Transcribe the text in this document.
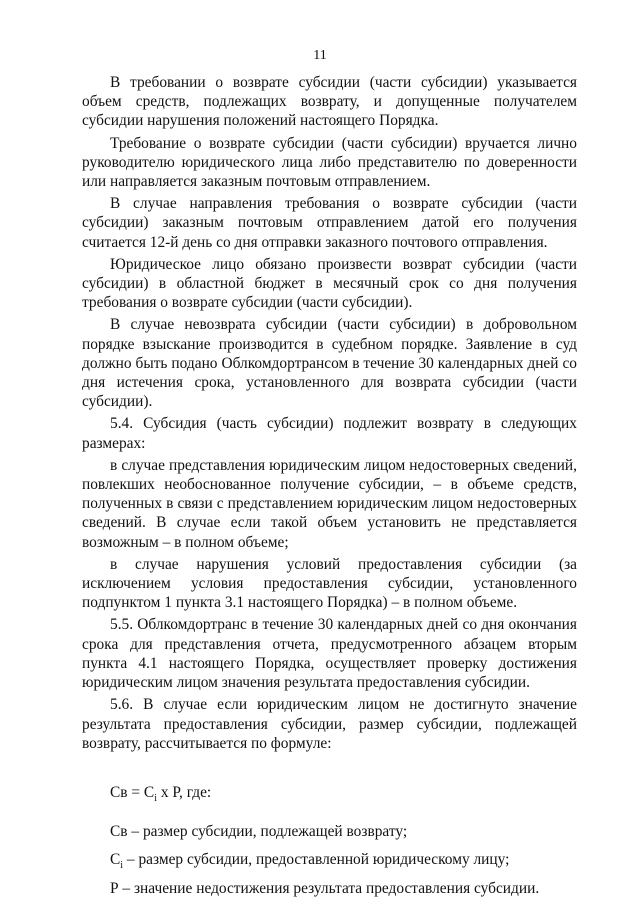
11

В требовании о возврате субсидии (части субсидии) указывается объем средств, подлежащих возврату, и допущенные получателем субсидии нарушения положений настоящего Порядка.

Требование о возврате субсидии (части субсидии) вручается лично руководителю юридического лица либо представителю по доверенности или направляется заказным почтовым отправлением.

В случае направления требования о возврате субсидии (части субсидии) заказным почтовым отправлением датой его получения считается 12-й день со дня отправки заказного почтового отправления.

Юридическое лицо обязано произвести возврат субсидии (части субсидии) в областной бюджет в месячный срок со дня получения требования о возврате субсидии (части субсидии).

В случае невозврата субсидии (части субсидии) в добровольном порядке взыскание производится в судебном порядке. Заявление в суд должно быть подано Облкомдортрансом в течение 30 календарных дней со дня истечения срока, установленного для возврата субсидии (части субсидии).

5.4. Субсидия (часть субсидии) подлежит возврату в следующих размерах:

в случае представления юридическим лицом недостоверных сведений, повлекших необоснованное получение субсидии, – в объеме средств, полученных в связи с представлением юридическим лицом недостоверных сведений. В случае если такой объем установить не представляется возможным – в полном объеме;

в случае нарушения условий предоставления субсидии (за исключением условия предоставления субсидии, установленного подпунктом 1 пункта 3.1 настоящего Порядка) – в полном объеме.

5.5. Облкомдортранс в течение 30 календарных дней со дня окончания срока для представления отчета, предусмотренного абзацем вторым пункта 4.1 настоящего Порядка, осуществляет проверку достижения юридическим лицом значения результата предоставления субсидии.

5.6. В случае если юридическим лицом не достигнуто значение результата предоставления субсидии, размер субсидии, подлежащей возврату, рассчитывается по формуле:

Св = $С_i$ х Р, где:

Св – размер субсидии, подлежащей возврату;

$С_i$ – размер субсидии, предоставленной юридическому лицу;

Р – значение недостижения результата предоставления субсидии.
